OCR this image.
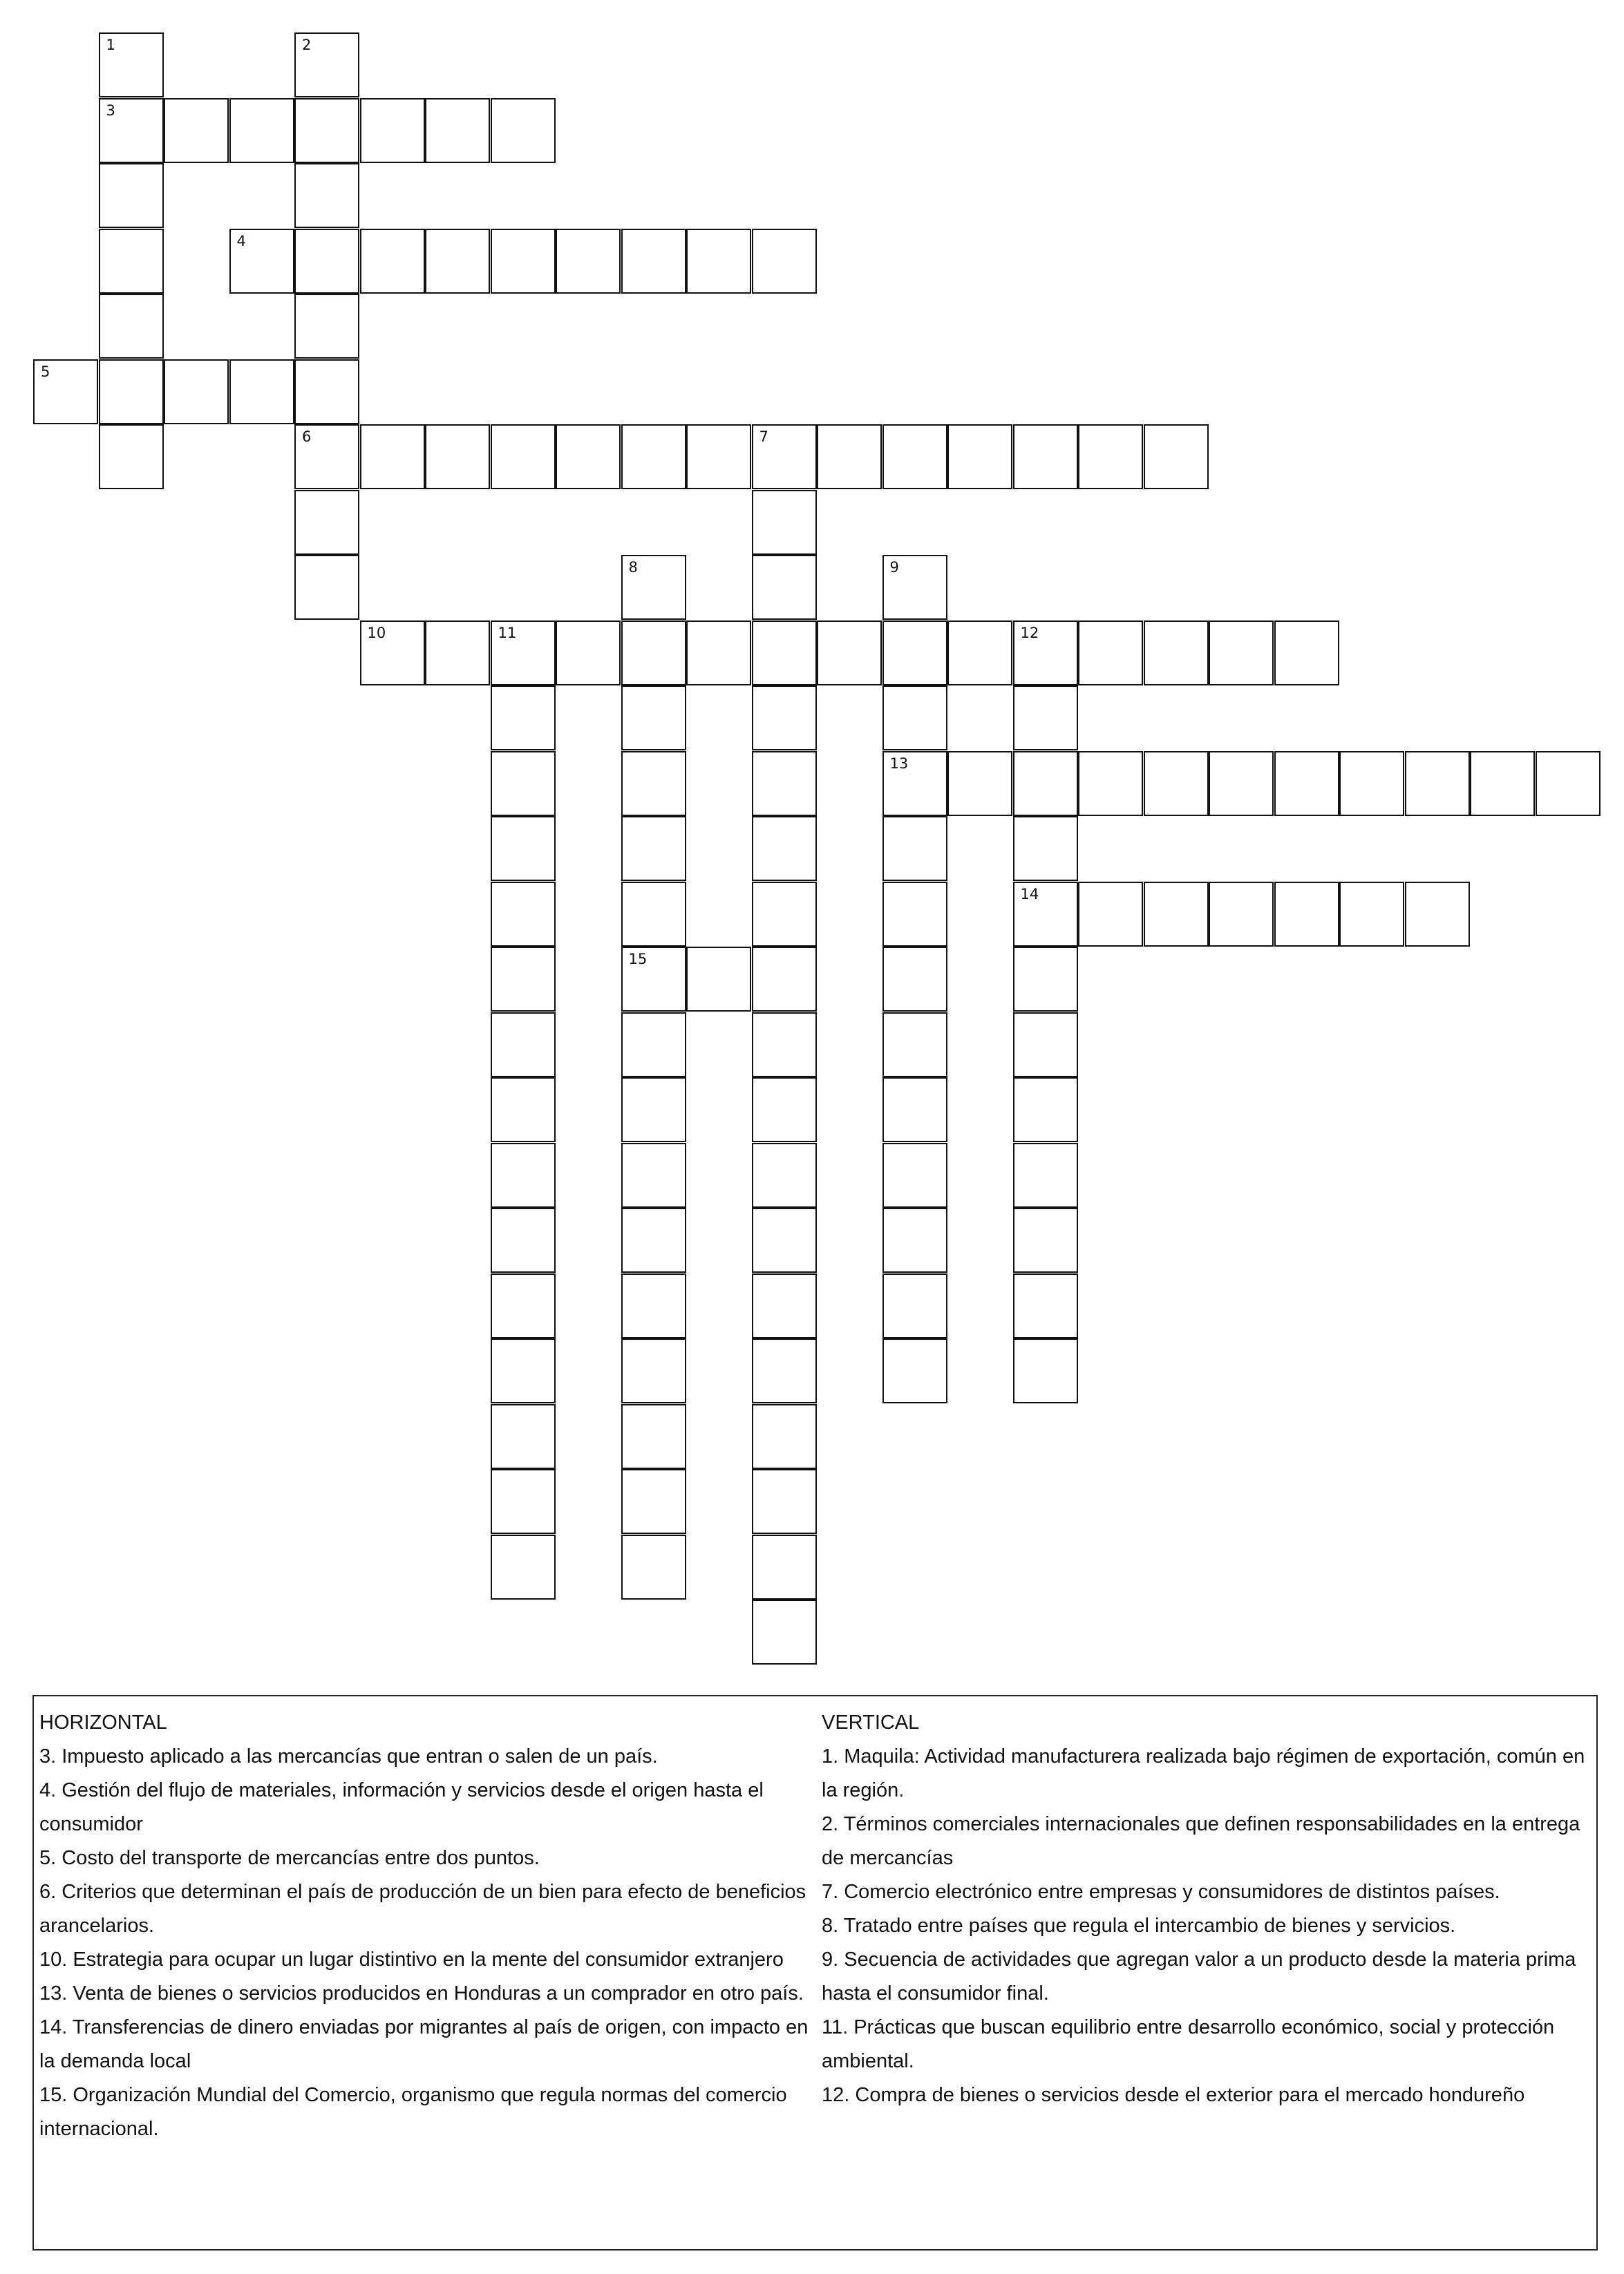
1
3
2
6
4
5
7
8
15
9
13
10	11	12
14
HORIZONTAL
3. Impuesto aplicado a las mercancías que entran o salen de un país.
4. Gestión del flujo de materiales, información y servicios desde el origen hasta el consumidor
5. Costo del transporte de mercancías entre dos puntos.
6. Criterios que determinan el país de producción de un bien para efecto de beneficios arancelarios.
10. Estrategia para ocupar un lugar distintivo en la mente del consumidor extranjero
13. Venta de bienes o servicios producidos en Honduras a un comprador en otro país.
14. Transferencias de dinero enviadas por migrantes al país de origen, con impacto en la demanda local
15. Organización Mundial del Comercio, organismo que regula normas del comercio internacional.
VERTICAL
1. Maquila: Actividad manufacturera realizada bajo régimen de exportación, común en la región.
2. Términos comerciales internacionales que definen responsabilidades en la entrega de mercancías
7. Comercio electrónico entre empresas y consumidores de distintos países.
8. Tratado entre países que regula el intercambio de bienes y servicios.
9. Secuencia de actividades que agregan valor a un producto desde la materia prima hasta el consumidor final.
11. Prácticas que buscan equilibrio entre desarrollo económico, social y protección ambiental.
12. Compra de bienes o servicios desde el exterior para el mercado hondureño
